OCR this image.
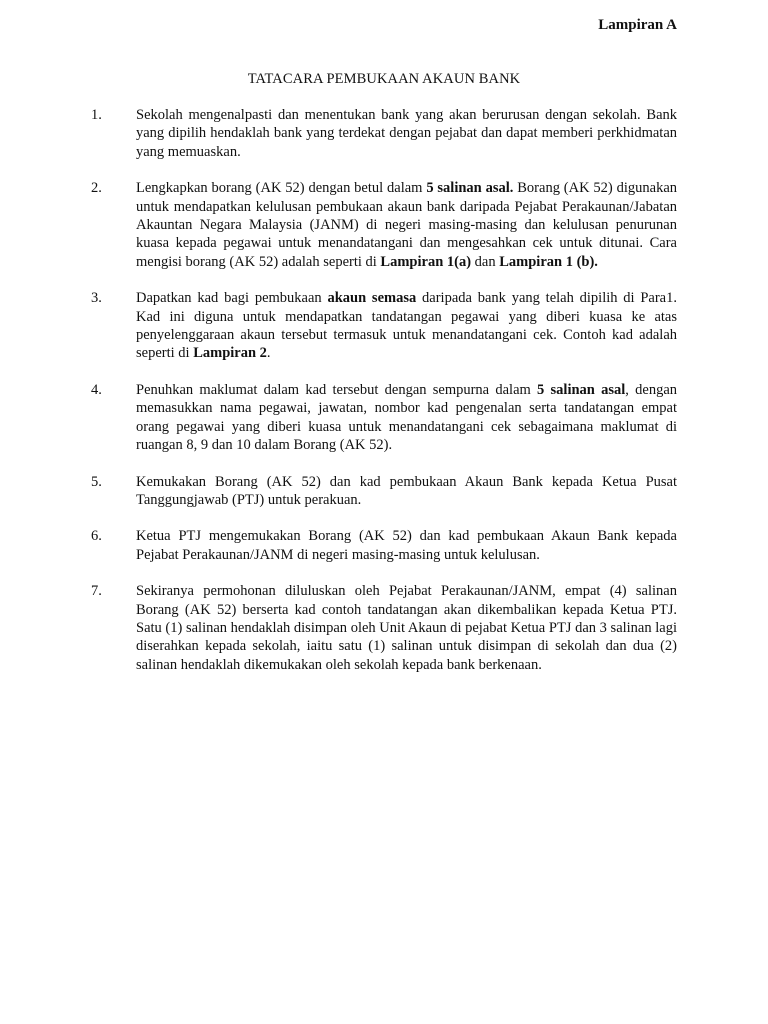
Lampiran A
TATACARA PEMBUKAAN AKAUN BANK
1.	Sekolah mengenalpasti dan menentukan bank yang akan berurusan dengan sekolah. Bank yang dipilih hendaklah bank yang terdekat dengan pejabat dan dapat memberi perkhidmatan yang memuaskan.
2.	Lengkapkan borang (AK 52) dengan betul dalam 5 salinan asal. Borang (AK 52) digunakan untuk mendapatkan kelulusan pembukaan akaun bank daripada Pejabat Perakaunan/Jabatan Akauntan Negara Malaysia (JANM) di negeri masing-masing dan kelulusan penurunan kuasa kepada pegawai untuk menandatangani dan mengesahkan cek untuk ditunai. Cara mengisi borang (AK 52) adalah seperti di Lampiran 1(a) dan Lampiran 1 (b).
3.	Dapatkan kad bagi pembukaan akaun semasa daripada bank yang telah dipilih di Para1. Kad ini diguna untuk mendapatkan tandatangan pegawai yang diberi kuasa ke atas penyelenggaraan akaun tersebut termasuk untuk menandatangani cek. Contoh kad adalah seperti di Lampiran 2.
4.	Penuhkan maklumat dalam kad tersebut dengan sempurna dalam 5 salinan asal, dengan memasukkan nama pegawai, jawatan, nombor kad pengenalan serta tandatangan empat orang pegawai yang diberi kuasa untuk menandatangani cek sebagaimana maklumat di ruangan 8, 9 dan 10 dalam Borang (AK 52).
5.	Kemukakan Borang (AK 52) dan kad pembukaan Akaun Bank kepada Ketua Pusat Tanggungjawab (PTJ) untuk perakuan.
6.	Ketua PTJ mengemukakan Borang (AK 52) dan kad pembukaan Akaun Bank kepada Pejabat Perakaunan/JANM di negeri masing-masing untuk kelulusan.
7.	Sekiranya permohonan diluluskan oleh Pejabat Perakaunan/JANM, empat (4) salinan Borang (AK 52) berserta kad contoh tandatangan akan dikembalikan kepada Ketua PTJ. Satu (1) salinan hendaklah disimpan oleh Unit Akaun di pejabat Ketua PTJ dan 3 salinan lagi diserahkan kepada sekolah, iaitu satu (1) salinan untuk disimpan di sekolah dan dua (2) salinan hendaklah dikemukakan oleh sekolah kepada bank berkenaan.
